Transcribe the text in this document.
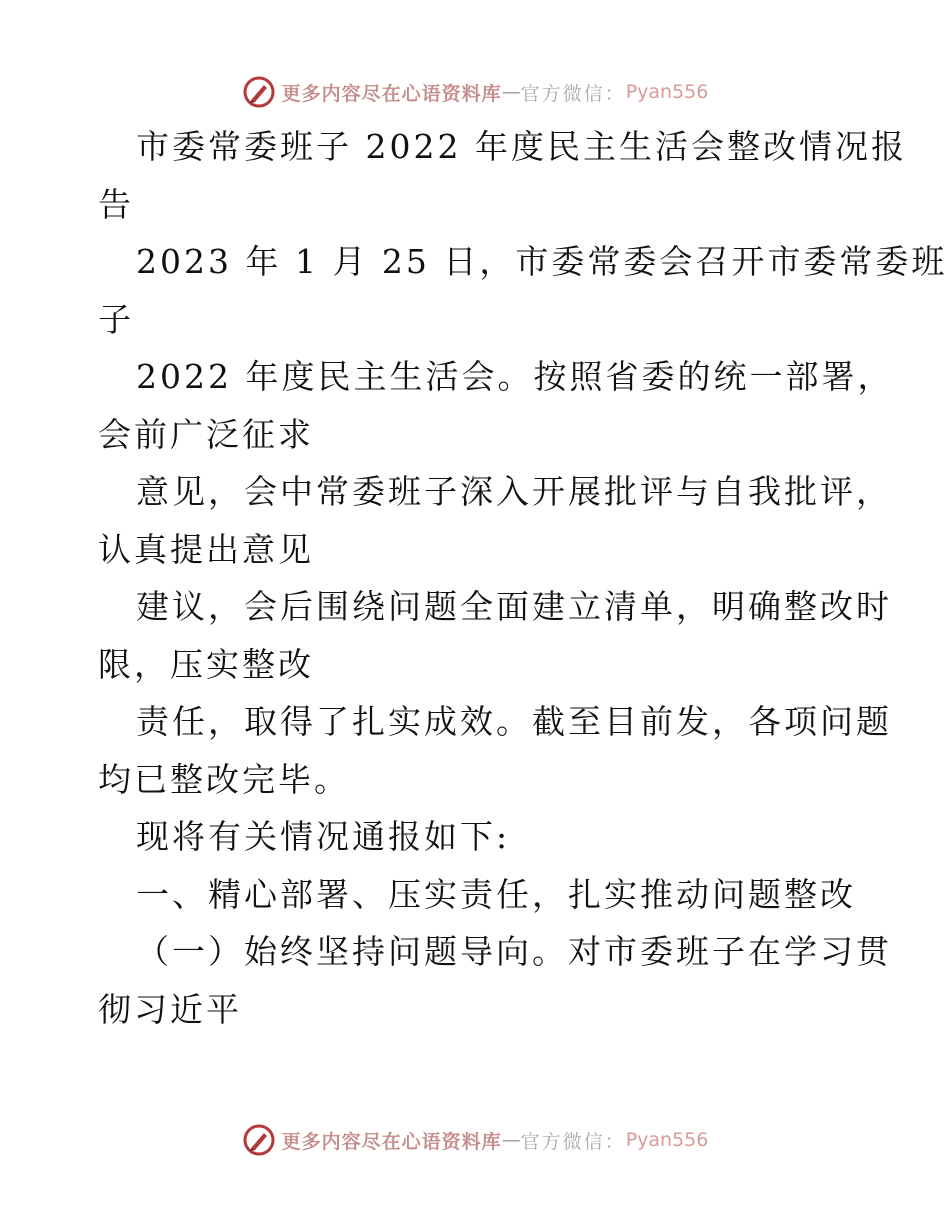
更多内容尽在心语资料库 — 官方微信： Pyan556
市委常委班子 2022 年度民主生活会整改情况报
告
2023 年 1 月 25 日，市委常委会召开市委常委班
子
2022 年度民主生活会。按照省委的统一部署，
会前广泛征求
意见，会中常委班子深入开展批评与自我批评，
认真提出意见
建议，会后围绕问题全面建立清单，明确整改时
限，压实整改
责任，取得了扎实成效。截至目前发，各项问题
均已整改完毕。
现将有关情况通报如下:
一、精心部署、压实责任，扎实推动问题整改
（一）始终坚持问题导向。对市委班子在学习贯
彻习近平
更多内容尽在心语资料库 — 官方微信： Pyan556
